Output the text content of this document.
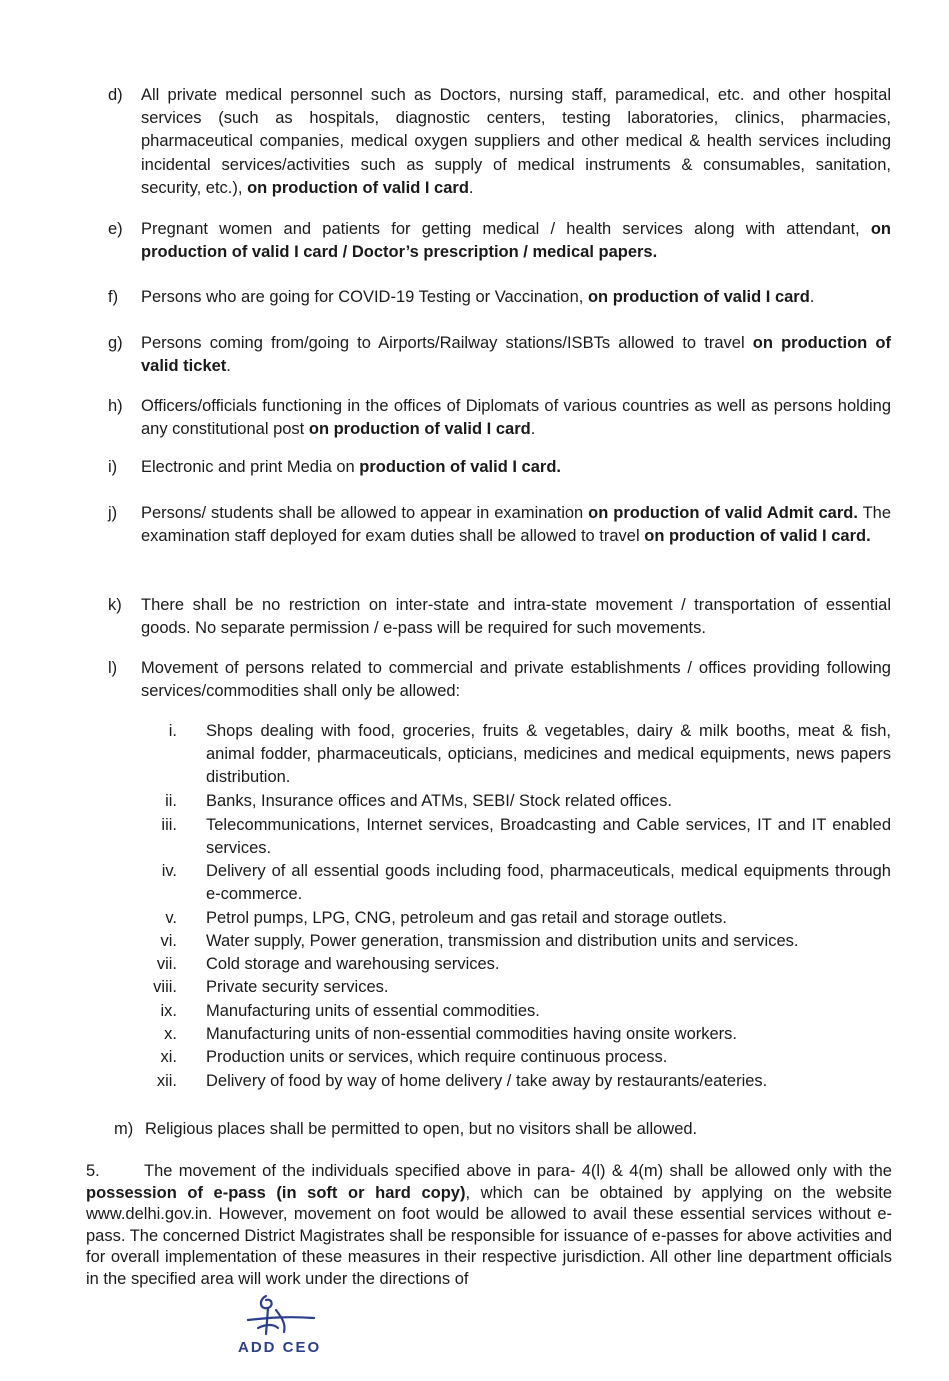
d) All private medical personnel such as Doctors, nursing staff, paramedical, etc. and other hospital services (such as hospitals, diagnostic centers, testing laboratories, clinics, pharmacies, pharmaceutical companies, medical oxygen suppliers and other medical & health services including incidental services/activities such as supply of medical instruments & consumables, sanitation, security, etc.), on production of valid I card.
e) Pregnant women and patients for getting medical / health services along with attendant, on production of valid I card / Doctor’s prescription / medical papers.
f) Persons who are going for COVID-19 Testing or Vaccination, on production of valid I card.
g) Persons coming from/going to Airports/Railway stations/ISBTs allowed to travel on production of valid ticket.
h) Officers/officials functioning in the offices of Diplomats of various countries as well as persons holding any constitutional post on production of valid I card.
i) Electronic and print Media on production of valid I card.
j) Persons/ students shall be allowed to appear in examination on production of valid Admit card. The examination staff deployed for exam duties shall be allowed to travel on production of valid I card.
k) There shall be no restriction on inter-state and intra-state movement / transportation of essential goods. No separate permission / e-pass will be required for such movements.
l) Movement of persons related to commercial and private establishments / offices providing following services/commodities shall only be allowed:
i. Shops dealing with food, groceries, fruits & vegetables, dairy & milk booths, meat & fish, animal fodder, pharmaceuticals, opticians, medicines and medical equipments, news papers distribution.
ii. Banks, Insurance offices and ATMs, SEBI/ Stock related offices.
iii. Telecommunications, Internet services, Broadcasting and Cable services, IT and IT enabled services.
iv. Delivery of all essential goods including food, pharmaceuticals, medical equipments through e-commerce.
v. Petrol pumps, LPG, CNG, petroleum and gas retail and storage outlets.
vi. Water supply, Power generation, transmission and distribution units and services.
vii. Cold storage and warehousing services.
viii. Private security services.
ix. Manufacturing units of essential commodities.
x. Manufacturing units of non-essential commodities having onsite workers.
xi. Production units or services, which require continuous process.
xii. Delivery of food by way of home delivery / take away by restaurants/eateries.
m) Religious places shall be permitted to open, but no visitors shall be allowed.
5.	The movement of the individuals specified above in para- 4(l) & 4(m) shall be allowed only with the possession of e-pass (in soft or hard copy), which can be obtained by applying on the website www.delhi.gov.in. However, movement on foot would be allowed to avail these essential services without e-pass. The concerned District Magistrates shall be responsible for issuance of e-passes for above activities and for overall implementation of these measures in their respective jurisdiction. All other line department officials in the specified area will work under the directions of
ADD CEO
